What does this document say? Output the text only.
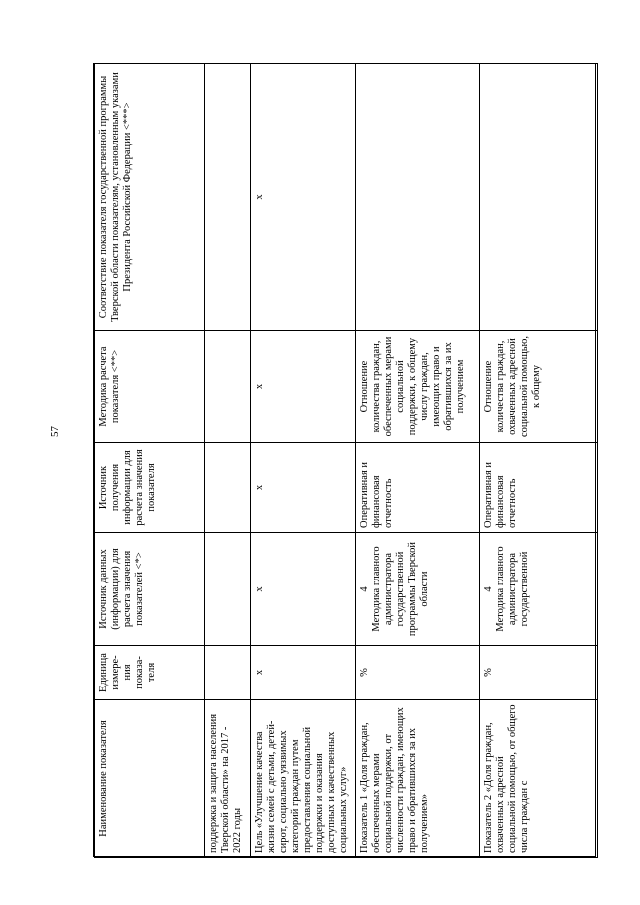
57
Наименование показателя	Единица измере-ния показа-теля	Источник данных (информации) для расчета значения показателей <*>	Источник получения информации для расчета значения показателя	Методика расчета показателя <**>	Соответствие показателя государственной программы Тверской области показателям, установленным указами Президента Российской Федерации <***>
поддержка и защита населения Тверской области» на 2017 - 2022 годы					
Цель «Улучшение качества жизни семей с детьми, детей-сирот, социально уязвимых категорий граждан путем предоставления социальной поддержки и оказания доступных и качественных социальных услуг»	х	х	х	х	х
Показатель 1 «Доля граждан, обеспеченных мерами социальной поддержки, от численности граждан, имеющих право и обратившихся за их получением»	%	4 Методика главного администратора государственной программы Тверской области	Оперативная и финансовая отчетность	Отношение количества граждан, обеспеченных мерами социальной поддержки, к общему числу граждан, имеющих право и обратившихся за их получением	
Показатель 2 «Доля граждан, охваченных адресной социальной помощью, от общего числа граждан с	%	4 Методика главного администратора государственной	Оперативная и финансовая отчетность	Отношение количества граждан, охваченных адресной социальной помощью, к общему	
